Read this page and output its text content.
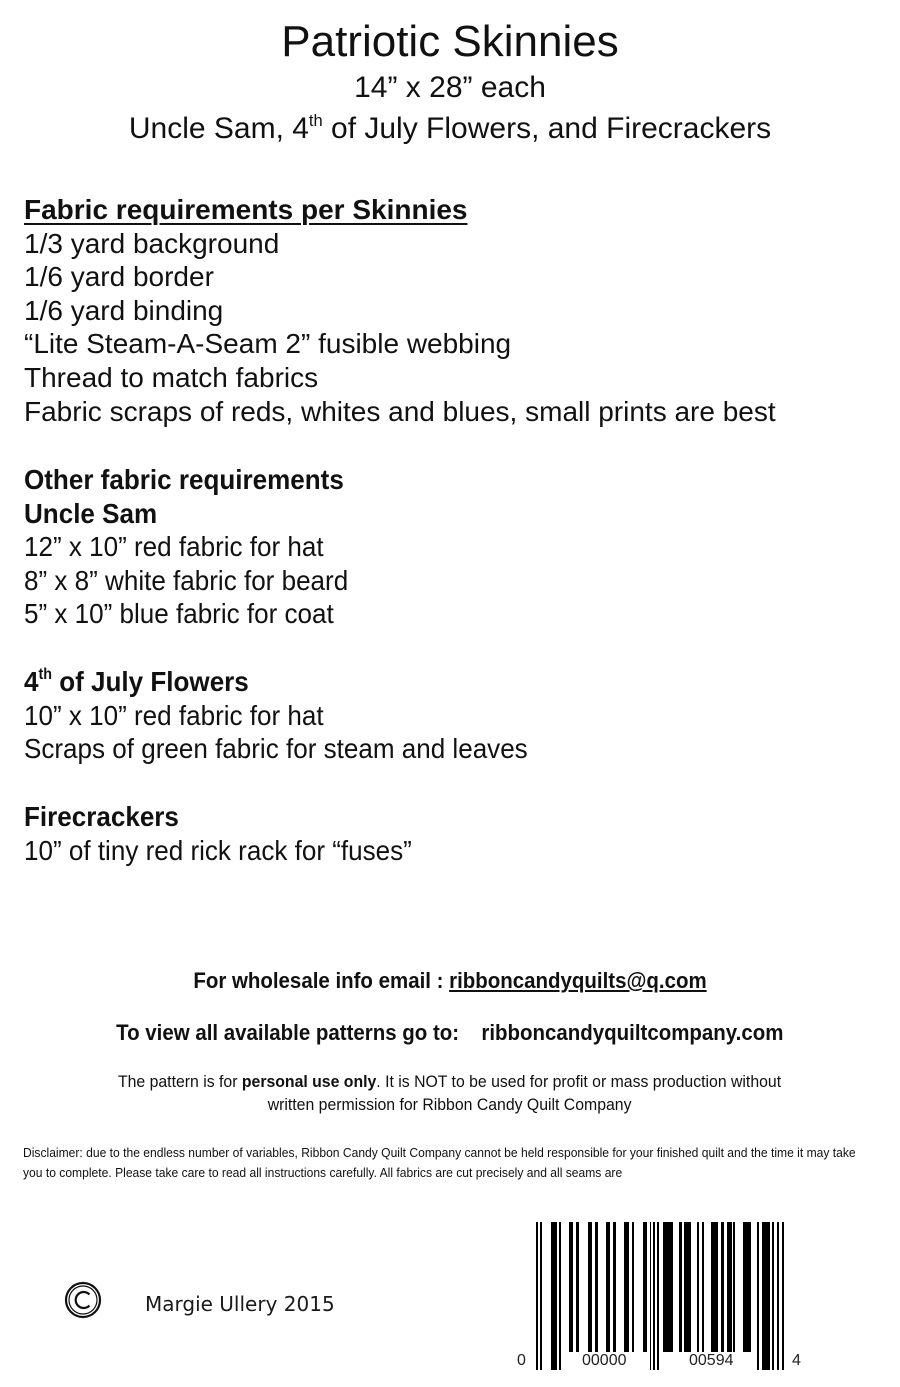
Patriotic Skinnies
14” x 28” each
Uncle Sam, 4th of July Flowers, and Firecrackers
Fabric requirements per Skinnies
1/3 yard background
1/6 yard border
1/6 yard binding
“Lite Steam-A-Seam 2” fusible webbing
Thread to match fabrics
Fabric scraps of reds, whites and blues, small prints are best
Other fabric requirements
Uncle Sam
12” x 10” red fabric for hat
8” x 8” white fabric for beard
5” x 10” blue fabric for coat
4th of July Flowers
10” x 10” red fabric for hat
Scraps of green fabric for steam and leaves
Firecrackers
10” of tiny red rick rack for “fuses”
For wholesale info email : ribboncandyquilts@q.com
To view all available patterns go to: ribboncandyquiltcompany.com
The pattern is for personal use only. It is NOT to be used for profit or mass production without
written permission for Ribbon Candy Quilt Company
Disclaimer: due to the endless number of variables, Ribbon Candy Quilt Company cannot be held responsible for your finished quilt and the time it may take you to complete. Please take care to read all instructions carefully. All fabrics are cut precisely and all seams are
Margie Ullery 2015
0	00000	00594	4
